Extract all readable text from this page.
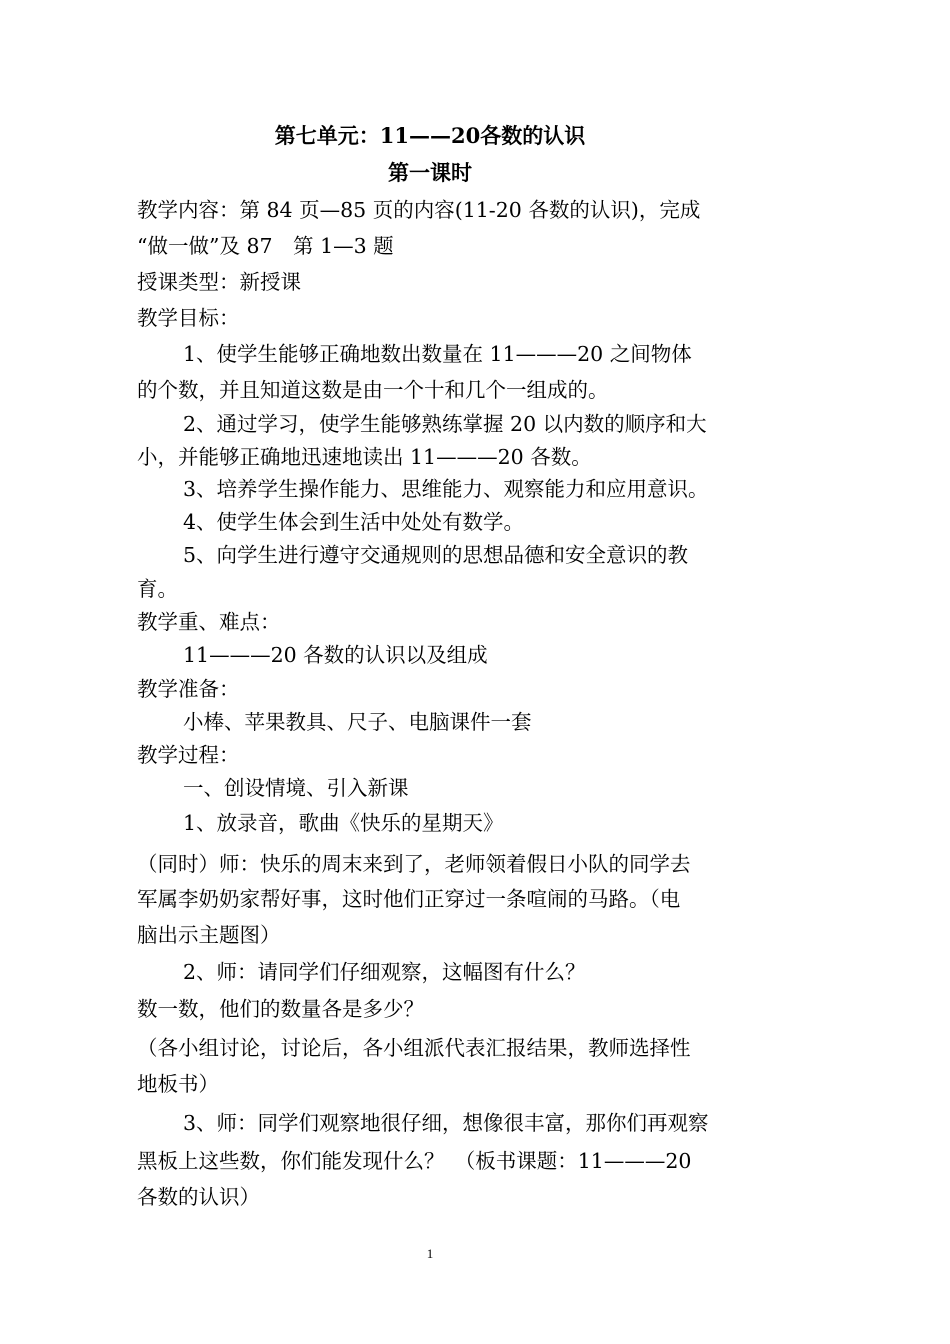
第七单元：11——20各数的认识
第一课时
教学内容：第 84 页—85 页的内容(11-20 各数的认识)，完成
“做一做”及 87　第 1—3 题
授课类型：新授课
教学目标：
1、使学生能够正确地数出数量在 11———20 之间物体
的个数，并且知道这数是由一个十和几个一组成的。
2、通过学习，使学生能够熟练掌握 20 以内数的顺序和大
小，并能够正确地迅速地读出 11———20 各数。
3、培养学生操作能力、思维能力、观察能力和应用意识。
4、使学生体会到生活中处处有数学。
5、向学生进行遵守交通规则的思想品德和安全意识的教
育。
教学重、难点：
11———20 各数的认识以及组成
教学准备：
小棒、苹果教具、尺子、电脑课件一套
教学过程：
一、创设情境、引入新课
1、放录音，歌曲《快乐的星期天》
（同时）师：快乐的周末来到了，老师领着假日小队的同学去
军属李奶奶家帮好事，这时他们正穿过一条喧闹的马路。（电
脑出示主题图）
2、师：请同学们仔细观察，这幅图有什么？
数一数，他们的数量各是多少？
（各小组讨论，讨论后，各小组派代表汇报结果，教师选择性
地板书）
3、师：同学们观察地很仔细，想像很丰富，那你们再观察
黑板上这些数，你们能发现什么？　（板书课题：11———20
各数的认识）
1
